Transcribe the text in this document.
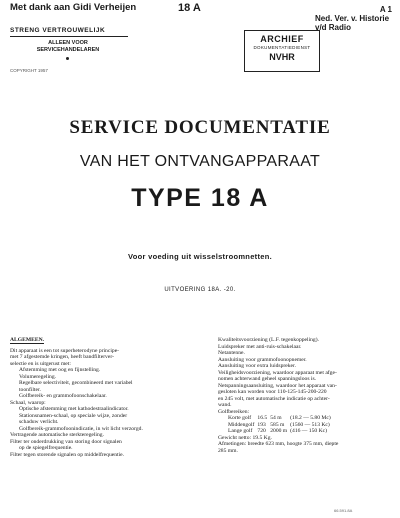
Met dank aan Gidi Verheijen	18 A	A 1
Ned. Ver. v. Historie v/d Radio
STRENG VERTROUWELIJK
ALLEEN VOOR
SERVICEHANDELAREN
COPYRIGHT 1957
ARCHIEF
DOKUMENTATIEDIENST
NVHR
SERVICE DOCUMENTATIE
VAN HET ONTVANGAPPARAAT
TYPE 18 A
Voor voeding uit wisselstroomnetten.
UITVOERING 18A. -20.
ALGEMEEN.

Dit apparaat is een tot superheterodyne principe-

met 7 afgestemde kringen, heeft bandfilterver-

selectie en is uitgerust met:

Afstemming met oog en fijnstelling.

Volumeregeling.

Regelbare selectiviteit, gecombineerd met variabel

toonfilter.

Golfbereik- en grammofoonschakelaar.

Schaal, waarop:

Optische afstemming met kathodestraalindicator.

Stationsnamen-schaal, op speciale wijze, zonder

schaduw verlicht.

Golfbereik-grammofoonindicatie, in wit licht verzorgd.

Vertragende automatische sterkteregeling.

Filter ter onderdrukking van storing door signalen

op de spiegelfrequentie.

Filter tegen storende signalen op middelfrequentie.

Kwaliteitsvoorziening (L.F. tegenkoppeling).

Luidspreker met anti-ruis-schakelaar.

Netantenne.

Aansluiting voor grammofoonopnemer.

Aansluiting voor extra luidspreker.

Veiligheidsvoorziening, waardoor apparaat met afge-

nomen achterwand geheel spanningsloos is.

Netspanningsaansluiting, waardoor het apparaat van-

gesloten kan worden voor 110-125-145-200-220

en 245 volt, met automatische indicatie op achter-

wand.

Golfbereiken:

Korte golf	16.5	54 m	(18.2 — 5.80 Mc)
Middengolf	193	585 m	(1560 — 513 Kc)
Lange golf	720	2000 m	(416 — 150 Kc)

Gewicht netto: 19.5 Kg.

Afmetingen: breedte 623 mm, hoogte 375 mm, diepte

285 mm.

66.591.8A
